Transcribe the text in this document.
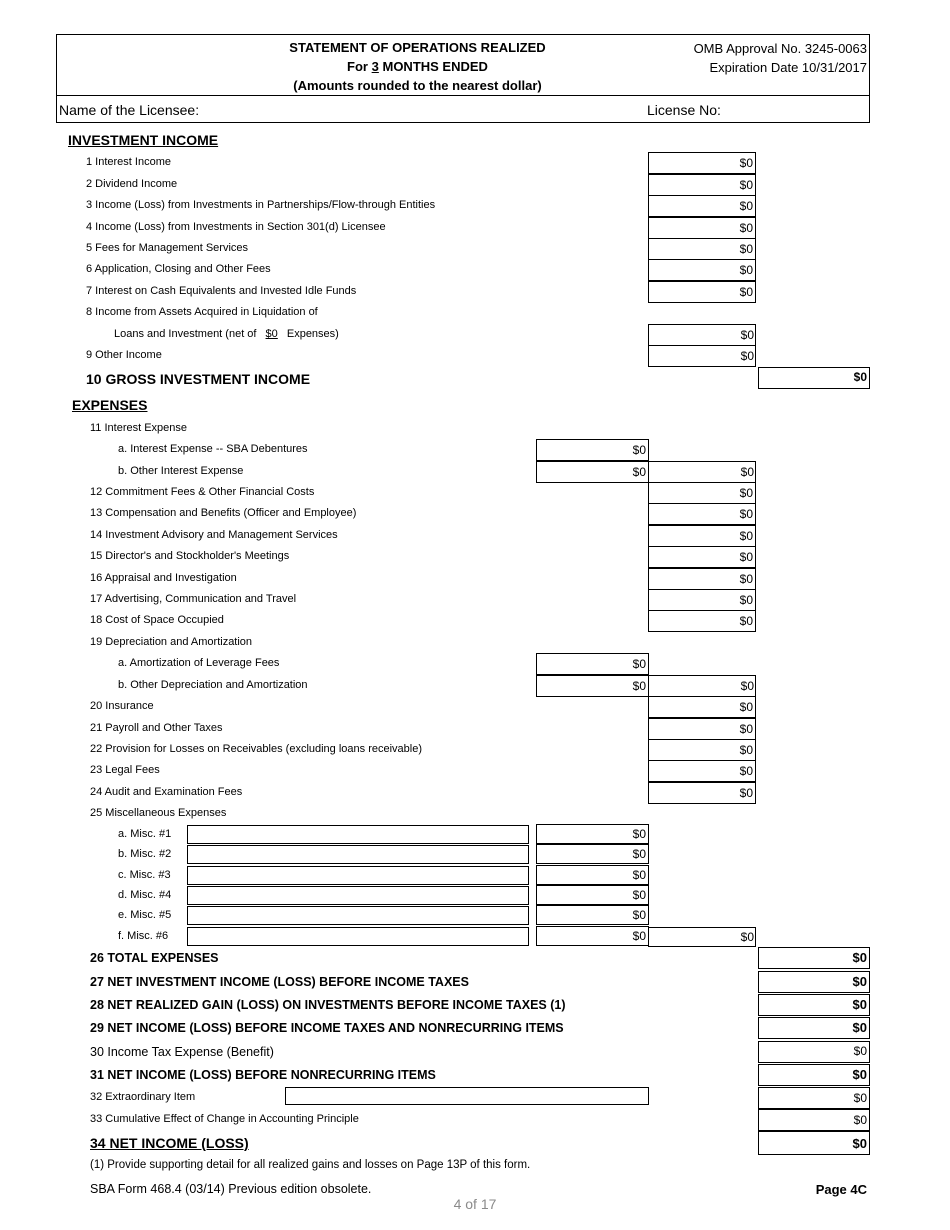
STATEMENT OF OPERATIONS REALIZED
For 3 MONTHS ENDED
(Amounts rounded to the nearest dollar)
OMB Approval No. 3245-0063
Expiration Date 10/31/2017
Name of the Licensee:	License No:
INVESTMENT INCOME
1 Interest Income	$0
2 Dividend Income	$0
3 Income (Loss) from Investments in Partnerships/Flow-through Entities	$0
4 Income (Loss) from Investments in Section 301(d) Licensee	$0
5 Fees for Management Services	$0
6 Application, Closing and Other Fees	$0
7 Interest on Cash Equivalents and Invested Idle Funds	$0
8 Income from Assets Acquired in Liquidation of
Loans and Investment (net of $0 Expenses)	$0
9 Other Income	$0
10 GROSS INVESTMENT INCOME	$0
EXPENSES
11 Interest Expense
a. Interest Expense -- SBA Debentures	$0
b. Other Interest Expense	$0	$0
12 Commitment Fees & Other Financial Costs	$0
13 Compensation and Benefits (Officer and Employee)	$0
14 Investment Advisory and Management Services	$0
15 Director's and Stockholder's Meetings	$0
16 Appraisal and Investigation	$0
17 Advertising, Communication and Travel	$0
18 Cost of Space Occupied	$0
19 Depreciation and Amortization
a. Amortization of Leverage Fees	$0
b. Other Depreciation and Amortization	$0	$0
20 Insurance	$0
21 Payroll and Other Taxes	$0
22 Provision for Losses on Receivables (excluding loans receivable)	$0
23 Legal Fees	$0
24 Audit and Examination Fees	$0
25 Miscellaneous Expenses
a. Misc. #1	$0
b. Misc. #2	$0
c. Misc. #3	$0
d. Misc. #4	$0
e. Misc. #5	$0
f. Misc. #6	$0	$0
26 TOTAL EXPENSES	$0
27 NET INVESTMENT INCOME (LOSS) BEFORE INCOME TAXES	$0
28 NET REALIZED GAIN (LOSS) ON INVESTMENTS BEFORE INCOME TAXES (1)	$0
29 NET INCOME (LOSS) BEFORE INCOME TAXES AND NONRECURRING ITEMS	$0
30 Income Tax Expense (Benefit)	$0
31 NET INCOME (LOSS) BEFORE NONRECURRING ITEMS	$0
32 Extraordinary Item	$0
33 Cumulative Effect of Change in Accounting Principle	$0
34 NET INCOME (LOSS)	$0
(1) Provide supporting detail for all realized gains and losses on Page 13P of this form.
SBA Form 468.4 (03/14) Previous edition obsolete.	Page 4C
4 of 17
